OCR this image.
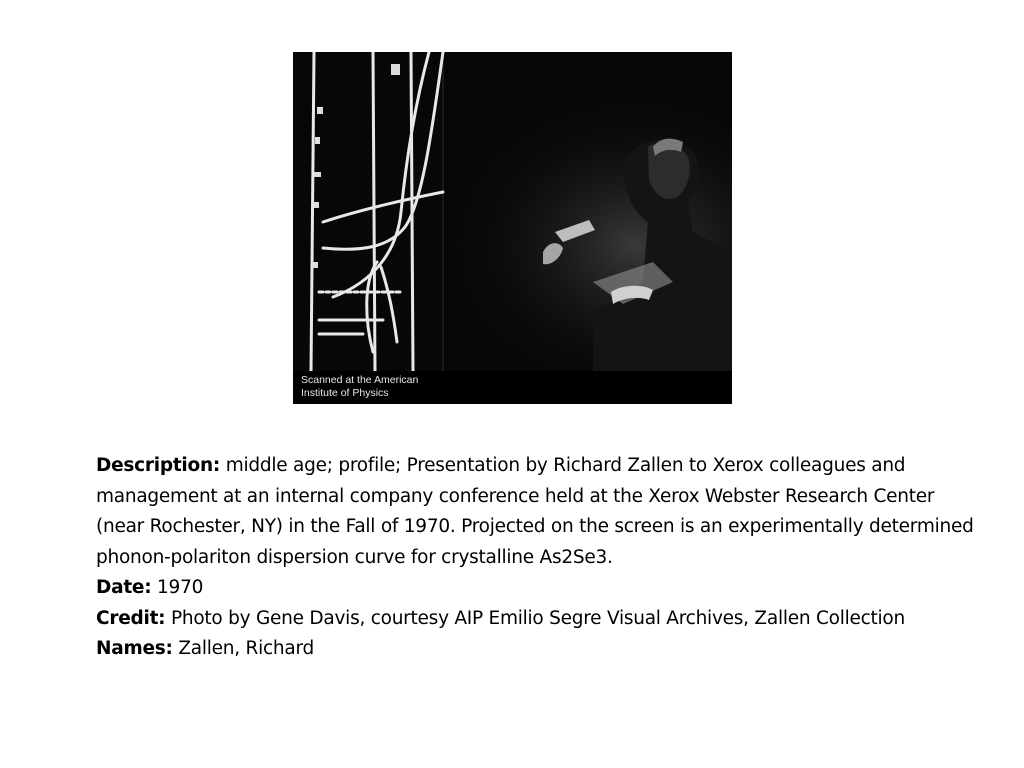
Scanned at the American
Institute of Physics

Description: middle age; profile; Presentation by Richard Zallen to Xerox colleagues and management at an internal company conference held at the Xerox Webster Research Center (near Rochester, NY) in the Fall of 1970. Projected on the screen is an experimentally determined phonon-polariton dispersion curve for crystalline As2Se3.

Date: 1970

Credit: Photo by Gene Davis, courtesy AIP Emilio Segre Visual Archives, Zallen Collection

Names: Zallen, Richard
